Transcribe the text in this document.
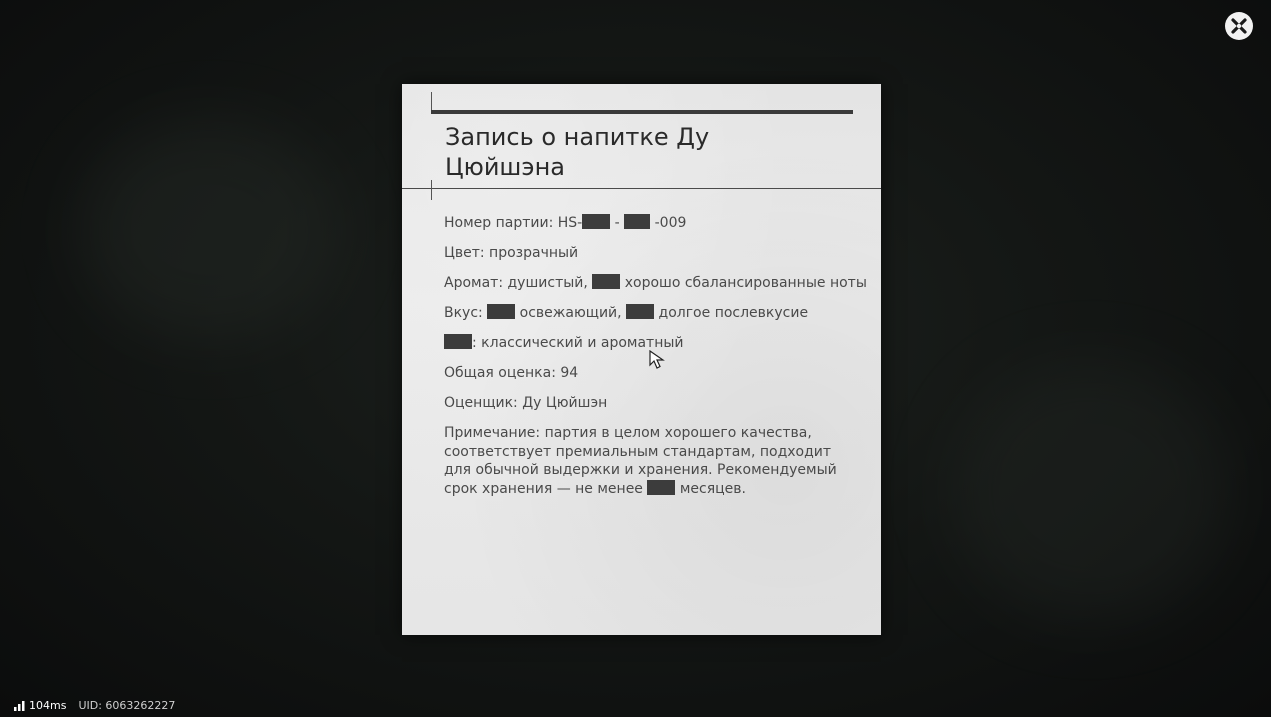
Запись о напитке Ду Цюйшэна
Номер партии: HS- -  -009
Цвет: прозрачный
Аромат: душистый,  хорошо сбалансированные ноты
Вкус:  освежающий,  долгое послевкусие
: классический и ароматный
Общая оценка: 94
Оценщик: Ду Цюйшэн
Примечание: партия в целом хорошего качества, соответствует премиальным стандартам, подходит для обычной выдержки и хранения. Рекомендуемый срок хранения — не менее  месяцев.
104ms UID: 6063262227
